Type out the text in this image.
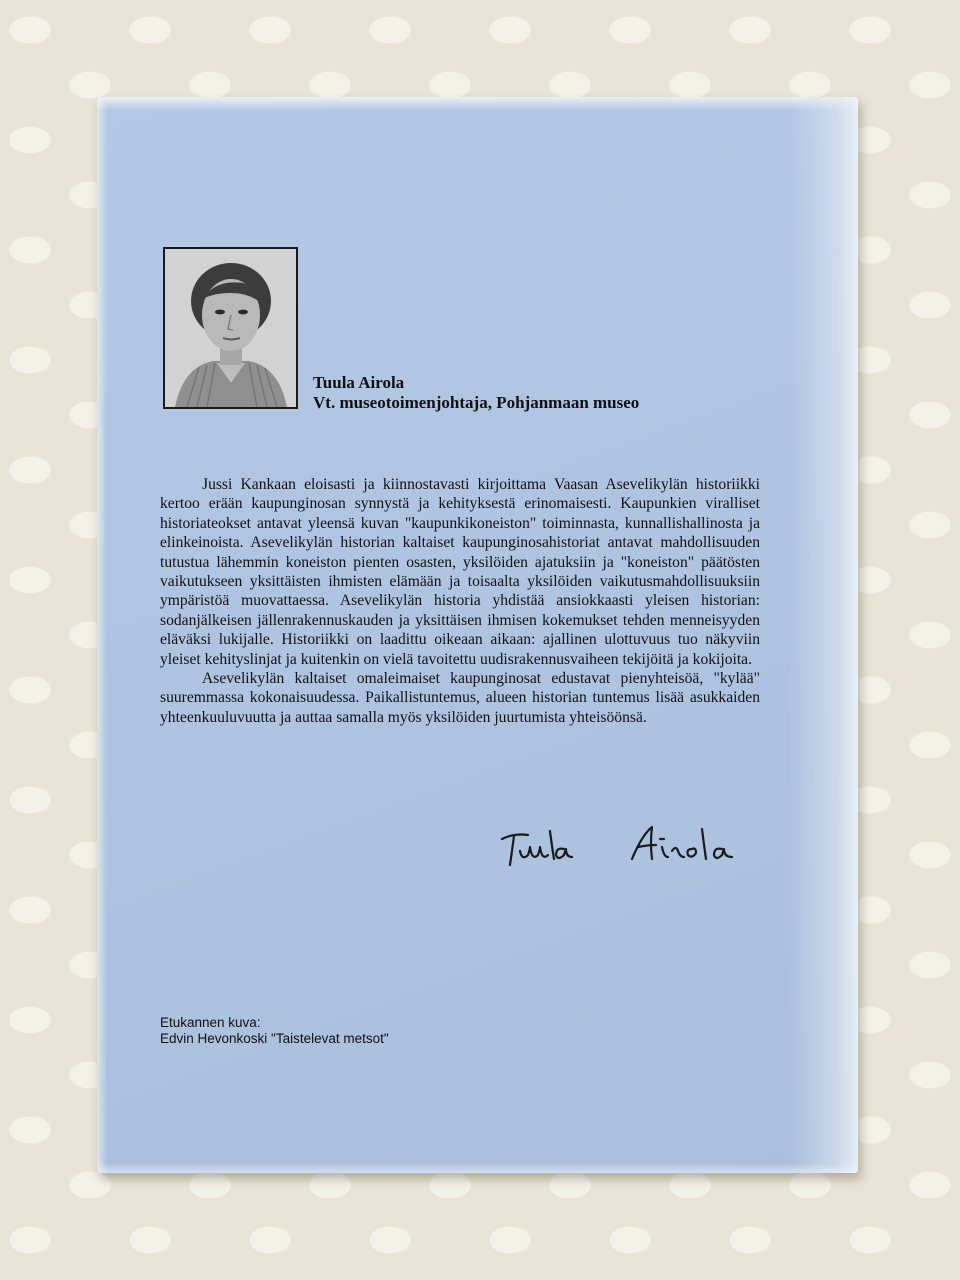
Tuula Airola
Vt. museotoimenjohtaja, Pohjanmaan museo

Jussi Kankaan eloisasti ja kiinnostavasti kirjoittama Vaasan Asevelikylän historiikki kertoo erään kaupunginosan synnystä ja kehityksestä erinomaisesti. Kaupunkien viralliset historiateokset antavat yleensä kuvan "kaupunkikoneiston" toiminnasta, kunnallishallinosta ja elinkeinoista. Asevelikylän historian kaltaiset kaupunginosahistoriat antavat mahdollisuuden tutustua lähemmin koneiston pienten osasten, yksilöiden ajatuksiin ja "koneiston" päätösten vaikutukseen yksittäisten ihmisten elämään ja toisaalta yksilöiden vaikutusmahdollisuuksiin ympäristöä muovattaessa. Asevelikylän historia yhdistää ansiokkaasti yleisen historian: sodanjälkeisen jällenrakennuskauden ja yksittäisen ihmisen kokemukset tehden menneisyyden eläväksi lukijalle. Historiikki on laadittu oikeaan aikaan: ajallinen ulottuvuus tuo näkyviin yleiset kehityslinjat ja kuitenkin on vielä tavoitettu uudisrakennusvaiheen tekijöitä ja kokijoita.

Asevelikylän kaltaiset omaleimaiset kaupunginosat edustavat pienyhteisöä, "kylää" suuremmassa kokonaisuudessa. Paikallistuntemus, alueen historian tuntemus lisää asukkaiden yhteenkuuluvuutta ja auttaa samalla myös yksilöiden juurtumista yhteisöönsä.

Etukannen kuva:
Edvin Hevonkoski "Taistelevat metsot"
